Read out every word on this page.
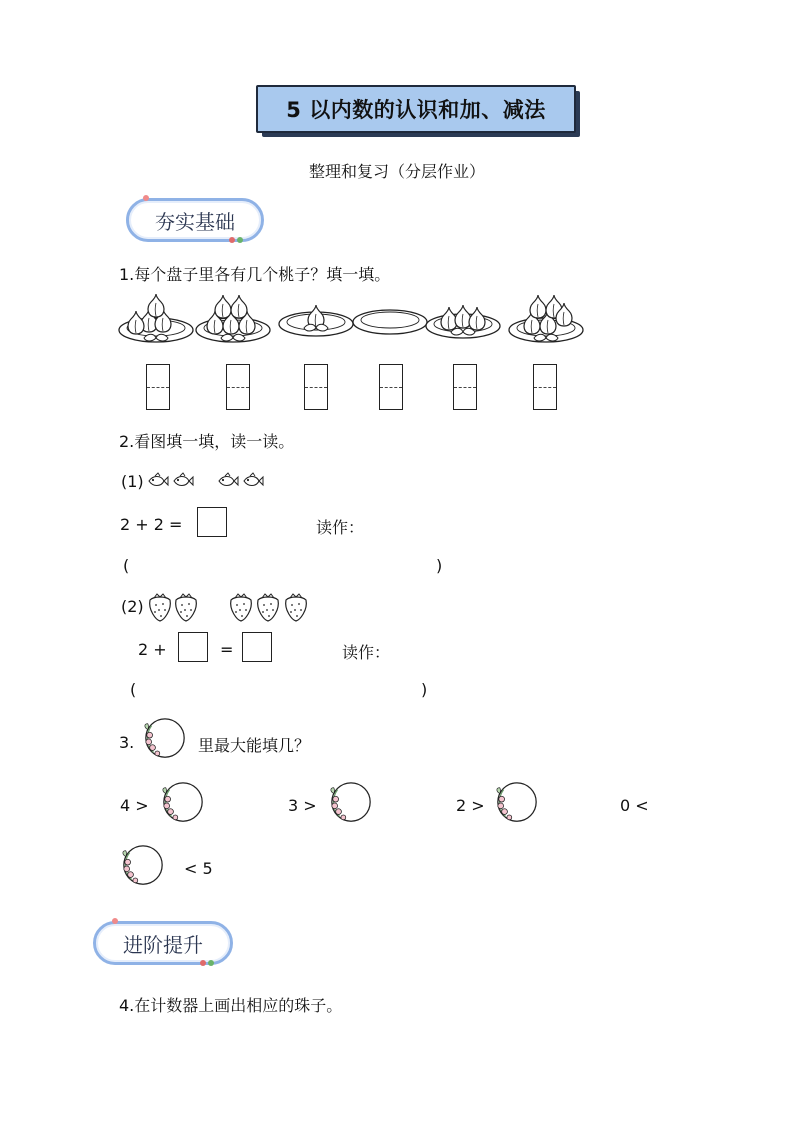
5 以内数的认识和加、减法
整理和复习（分层作业）
夯实基础
1.每个盘子里各有几个桃子？填一填。
2.看图填一填，读一读。
(1)
2 + 2 =	读作：
(	)
(2)
2 +	=	读作：
(	)
3.	里最大能填几？
4 >	3 >	2 >	0 <
< 5
进阶提升
4.在计数器上画出相应的珠子。
